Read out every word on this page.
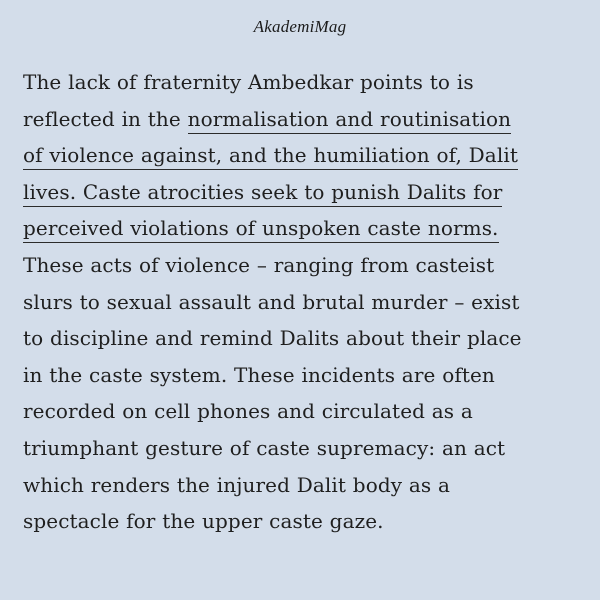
AkademiMag

The lack of fraternity Ambedkar points to is
reflected in the normalisation and routinisation
of violence against, and the humiliation of, Dalit
lives. Caste atrocities seek to punish Dalits for
perceived violations of unspoken caste norms.
These acts of violence – ranging from casteist
slurs to sexual assault and brutal murder – exist
to discipline and remind Dalits about their place
in the caste system. These incidents are often
recorded on cell phones and circulated as a
triumphant gesture of caste supremacy: an act
which renders the injured Dalit body as a
spectacle for the upper caste gaze.
